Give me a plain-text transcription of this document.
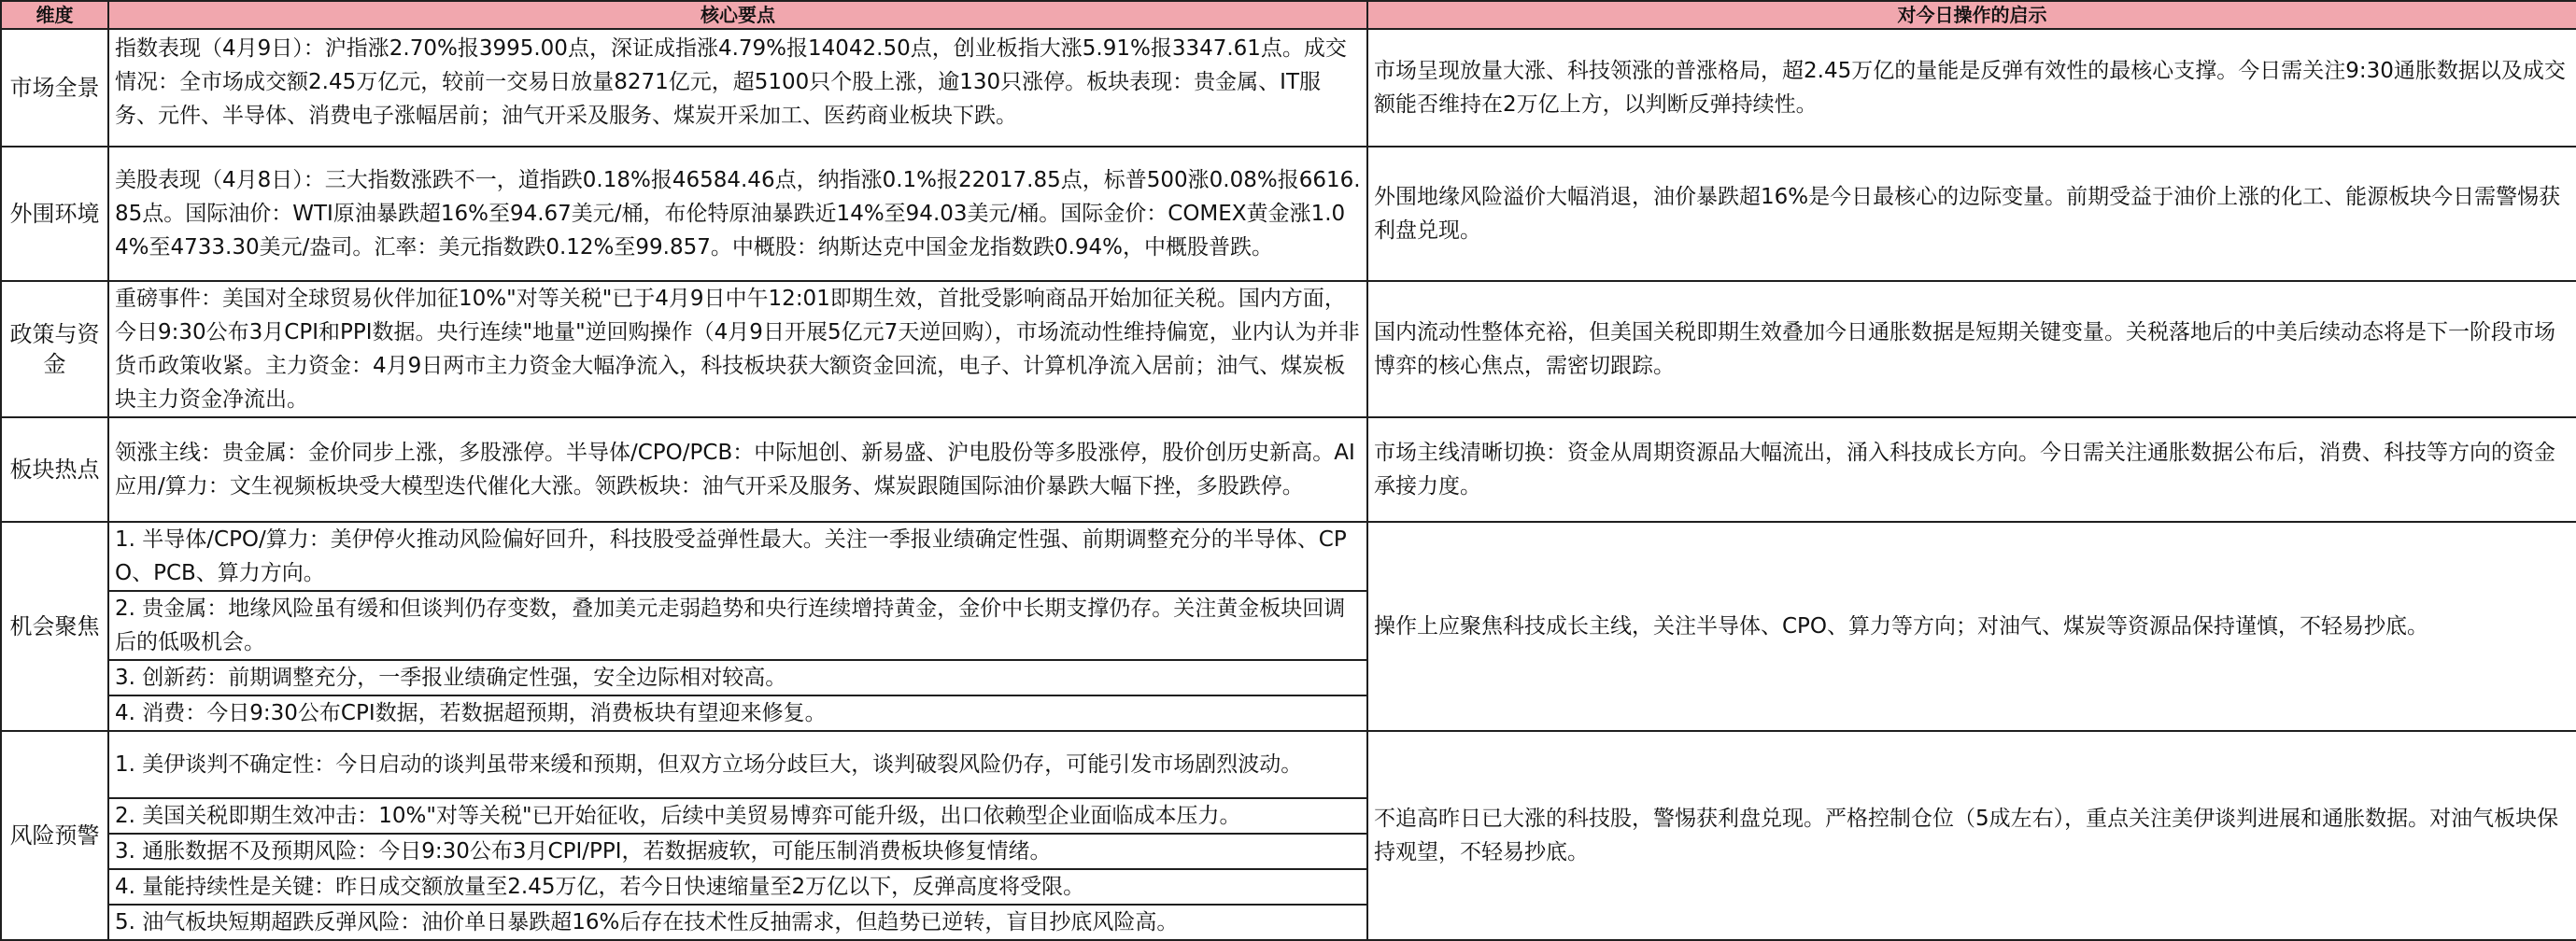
维度	核心要点	对今日操作的启示
市场全景	指数表现（4月9日）：沪指涨2.70%报3995.00点，深证成指涨4.79%报14042.50点，创业板指大涨5.91%报3347.61点。成交情况：全市场成交额2.45万亿元，较前一交易日放量8271亿元，超5100只个股上涨，逾130只涨停。板块表现：贵金属、IT服务、元件、半导体、消费电子涨幅居前；油气开采及服务、煤炭开采加工、医药商业板块下跌。	市场呈现放量大涨、科技领涨的普涨格局，超2.45万亿的量能是反弹有效性的最核心支撑。今日需关注9:30通胀数据以及成交额能否维持在2万亿上方，以判断反弹持续性。
外围环境	美股表现（4月8日）：三大指数涨跌不一，道指跌0.18%报46584.46点，纳指涨0.1%报22017.85点，标普500涨0.08%报6616.85点。国际油价：WTI原油暴跌超16%至94.67美元/桶，布伦特原油暴跌近14%至94.03美元/桶。国际金价：COMEX黄金涨1.04%至4733.30美元/盎司。汇率：美元指数跌0.12%至99.857。中概股：纳斯达克中国金龙指数跌0.94%，中概股普跌。	外围地缘风险溢价大幅消退，油价暴跌超16%是今日最核心的边际变量。前期受益于油价上涨的化工、能源板块今日需警惕获利盘兑现。
政策与资金	重磅事件：美国对全球贸易伙伴加征10%"对等关税"已于4月9日中午12:01即期生效，首批受影响商品开始加征关税。国内方面，今日9:30公布3月CPI和PPI数据。央行连续"地量"逆回购操作（4月9日开展5亿元7天逆回购），市场流动性维持偏宽，业内认为并非货币政策收紧。主力资金：4月9日两市主力资金大幅净流入，科技板块获大额资金回流，电子、计算机净流入居前；油气、煤炭板块主力资金净流出。	国内流动性整体充裕，但美国关税即期生效叠加今日通胀数据是短期关键变量。关税落地后的中美后续动态将是下一阶段市场博弈的核心焦点，需密切跟踪。
板块热点	领涨主线：贵金属：金价同步上涨，多股涨停。半导体/CPO/PCB：中际旭创、新易盛、沪电股份等多股涨停，股价创历史新高。AI应用/算力：文生视频板块受大模型迭代催化大涨。领跌板块：油气开采及服务、煤炭跟随国际油价暴跌大幅下挫，多股跌停。	市场主线清晰切换：资金从周期资源品大幅流出，涌入科技成长方向。今日需关注通胀数据公布后，消费、科技等方向的资金承接力度。
机会聚焦	1. 半导体/CPO/算力：美伊停火推动风险偏好回升，科技股受益弹性最大。关注一季报业绩确定性强、前期调整充分的半导体、CPO、PCB、算力方向。	操作上应聚焦科技成长主线，关注半导体、CPO、算力等方向；对油气、煤炭等资源品保持谨慎，不轻易抄底。
	2. 贵金属：地缘风险虽有缓和但谈判仍存变数，叠加美元走弱趋势和央行连续增持黄金，金价中长期支撑仍存。关注黄金板块回调后的低吸机会。	
	3. 创新药：前期调整充分，一季报业绩确定性强，安全边际相对较高。	
	4. 消费：今日9:30公布CPI数据，若数据超预期，消费板块有望迎来修复。	
风险预警	1. 美伊谈判不确定性：今日启动的谈判虽带来缓和预期，但双方立场分歧巨大，谈判破裂风险仍存，可能引发市场剧烈波动。	不追高昨日已大涨的科技股，警惕获利盘兑现。严格控制仓位（5成左右），重点关注美伊谈判进展和通胀数据。对油气板块保持观望，不轻易抄底。
	2. 美国关税即期生效冲击：10%"对等关税"已开始征收，后续中美贸易博弈可能升级，出口依赖型企业面临成本压力。	
	3. 通胀数据不及预期风险：今日9:30公布3月CPI/PPI，若数据疲软，可能压制消费板块修复情绪。	
	4. 量能持续性是关键：昨日成交额放量至2.45万亿，若今日快速缩量至2万亿以下，反弹高度将受限。	
	5. 油气板块短期超跌反弹风险：油价单日暴跌超16%后存在技术性反抽需求，但趋势已逆转，盲目抄底风险高。	
